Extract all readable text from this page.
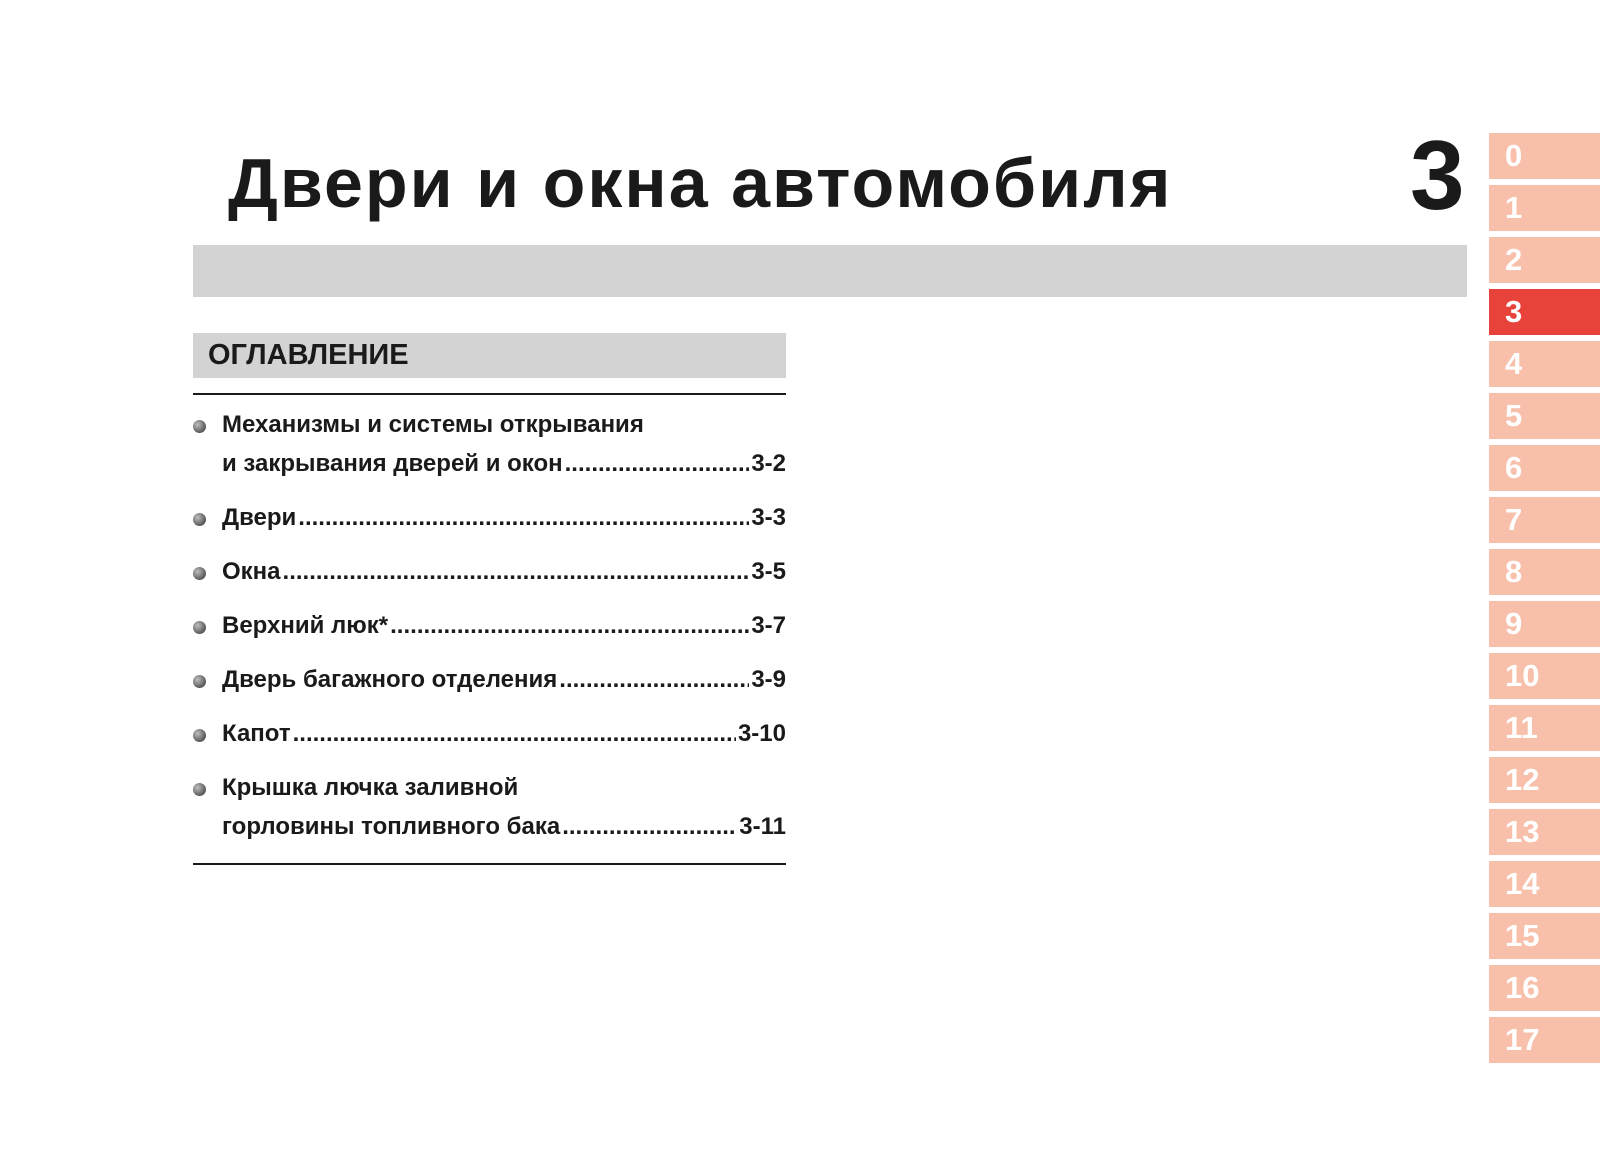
Двери и окна автомобиля 3
ОГЛАВЛЕНИЕ
Механизмы и системы открывания
и закрывания дверей и окон .....	3-2
Двери .....	3-3
Окна .....	3-5
Верхний люк* .....	3-7
Дверь багажного отделения .....	3-9
Капот .....	3-10
Крышка лючка заливной
горловины топливного бака .....	3-11
0
1
2
3
4
5
6
7
8
9
10
11
12
13
14
15
16
17
